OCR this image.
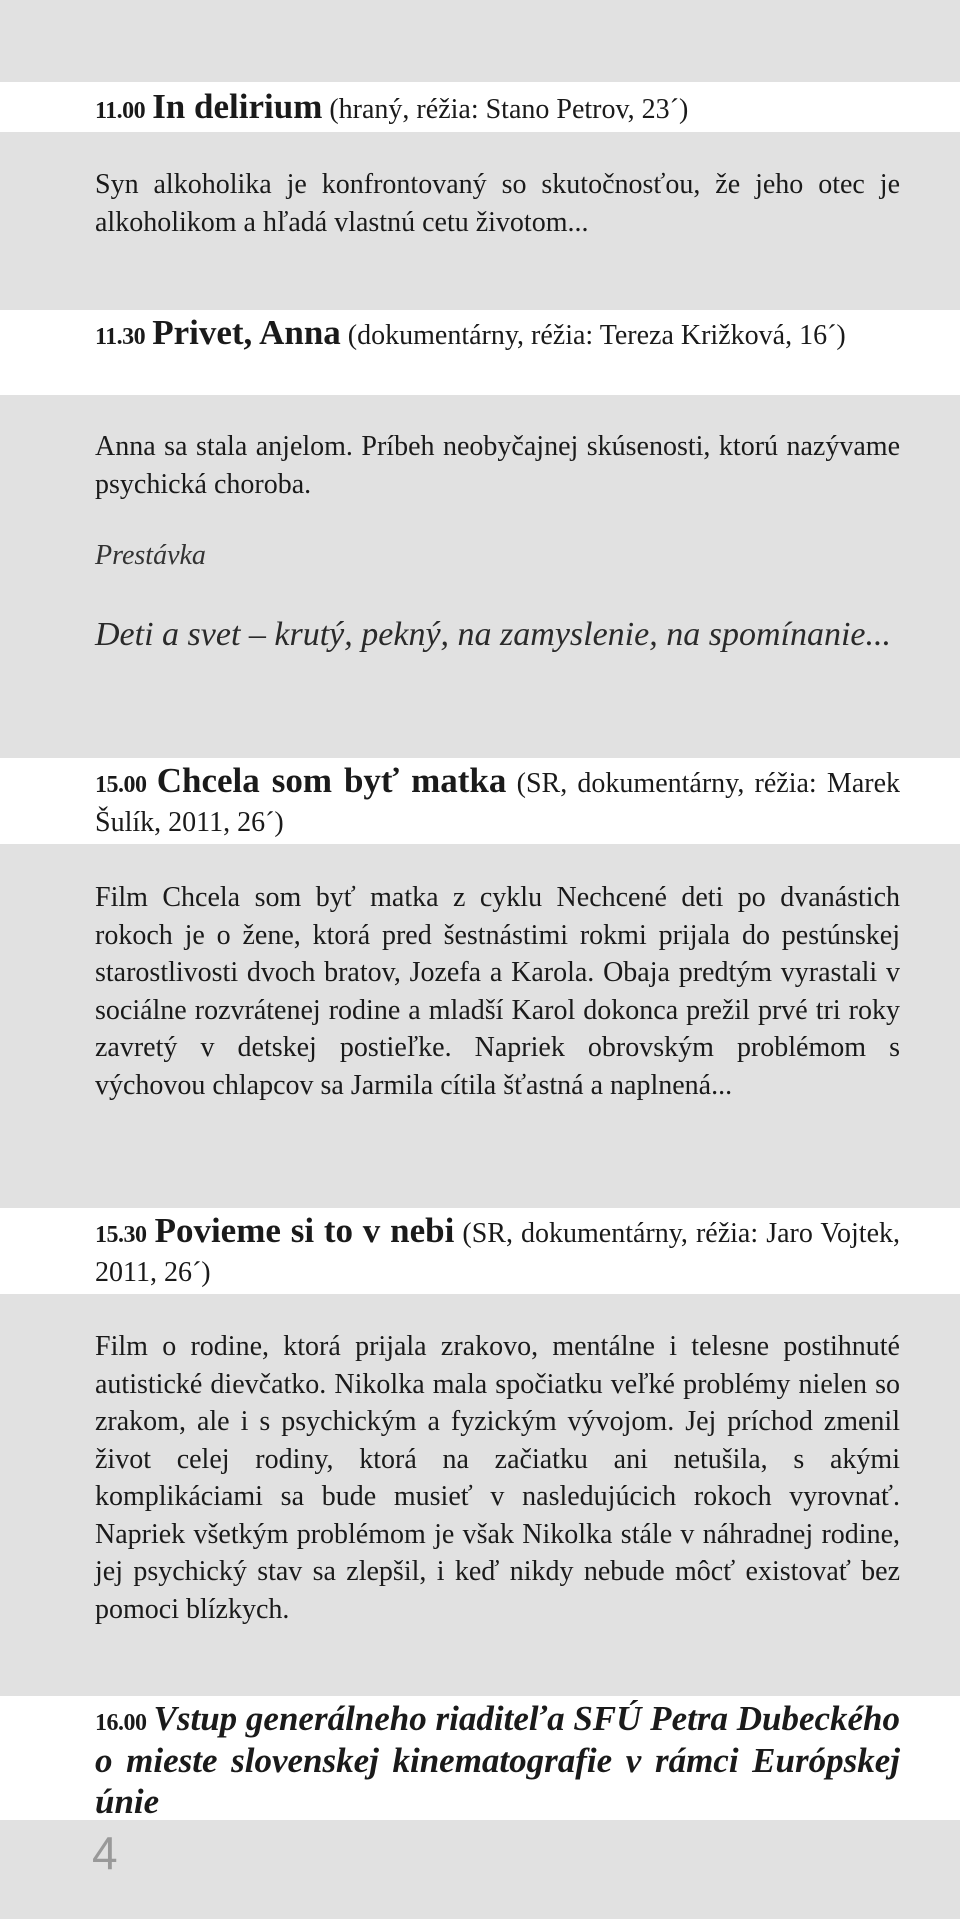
11.00 In delirium (hraný, réžia: Stano Petrov, 23´)
Syn alkoholika je konfrontovaný so skutočnosťou, že jeho otec je alkoholikom a hľadá vlastnú cetu životom...
11.30 Privet, Anna (dokumentárny, réžia: Tereza Križková, 16´)
Anna sa stala anjelom. Príbeh neobyčajnej skúsenosti, ktorú nazývame psychická choroba.
Prestávka
Deti a svet – krutý, pekný, na zamyslenie, na spomínanie...
15.00 Chcela som byť matka (SR, dokumentárny, réžia: Marek Šulík, 2011, 26´)
Film Chcela som byť matka z cyklu Nechcené deti po dvanástich rokoch je o žene, ktorá pred šestnástimi rokmi prijala do pestúnskej starostlivosti dvoch bratov, Jozefa a Karola. Obaja predtým vyrastali v sociálne rozvrátenej rodine a mladší Karol dokonca prežil prvé tri roky zavretý v detskej postieľke. Napriek obrovským problémom s výchovou chlapcov sa Jarmila cítila šťastná a naplnená...
15.30 Povieme si to v nebi (SR, dokumentárny, réžia: Jaro Vojtek, 2011, 26´)
Film o rodine, ktorá prijala zrakovo, mentálne i telesne postihnuté autistické dievčatko. Nikolka mala spočiatku veľké problémy nielen so zrakom, ale i s psychickým a fyzickým vývojom. Jej príchod zmenil život celej rodiny, ktorá na začiatku ani netušila, s akými komplikáciami sa bude musieť v nasledujúcich rokoch vyrovnať. Napriek všetkým problémom je však Nikolka stále v náhradnej rodine, jej psychický stav sa zlepšil, i keď nikdy nebude môcť existovať bez pomoci blízkych.
16.00 Vstup generálneho riaditeľa SFÚ Petra Dubeckého o mieste slovenskej kinematografie v rámci Európskej únie
4
